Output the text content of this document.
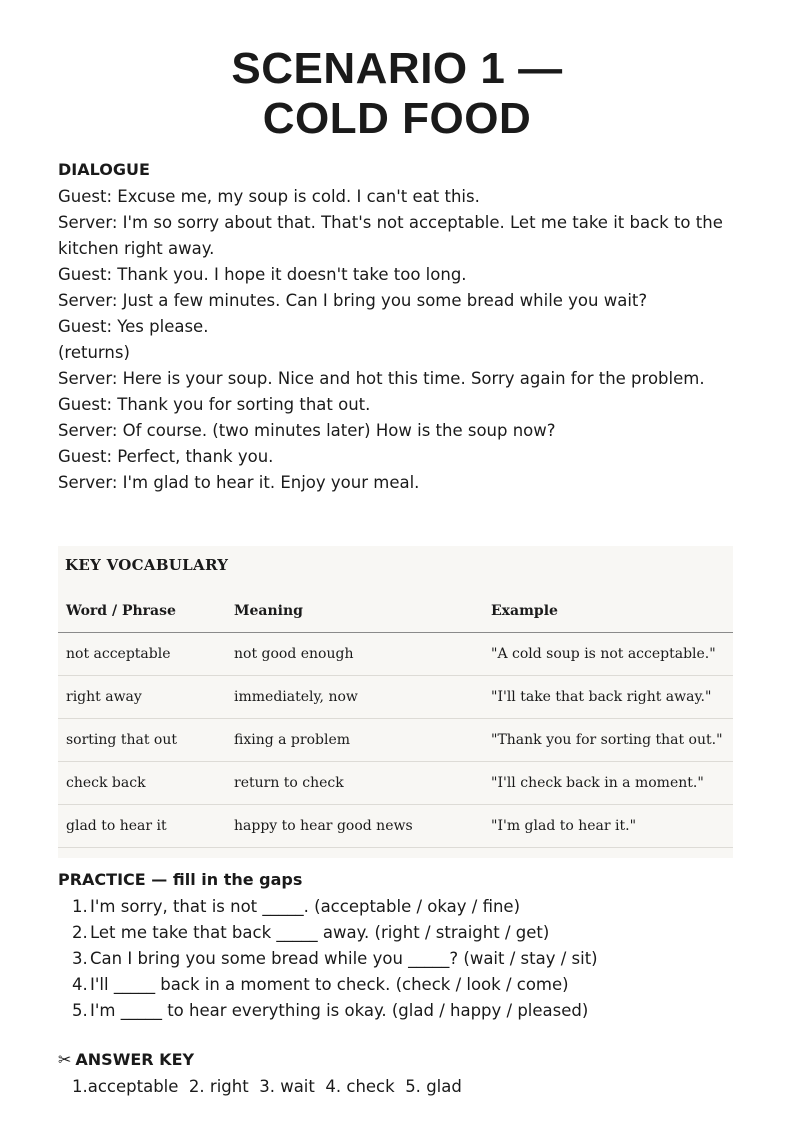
SCENARIO 1 —
COLD FOOD
DIALOGUE
Guest: Excuse me, my soup is cold. I can't eat this.
Server: I'm so sorry about that. That's not acceptable. Let me take it back to the kitchen right away.
Guest: Thank you. I hope it doesn't take too long.
Server: Just a few minutes. Can I bring you some bread while you wait?
Guest: Yes please.
(returns)
Server: Here is your soup. Nice and hot this time. Sorry again for the problem.
Guest: Thank you for sorting that out.
Server: Of course. (two minutes later) How is the soup now?
Guest: Perfect, thank you.
Server: I'm glad to hear it. Enjoy your meal.
KEY VOCABULARY
Word / Phrase	Meaning	Example
not acceptable	not good enough	"A cold soup is not acceptable."
right away	immediately, now	"I'll take that back right away."
sorting that out	fixing a problem	"Thank you for sorting that out."
check back	return to check	"I'll check back in a moment."
glad to hear it	happy to hear good news	"I'm glad to hear it."
PRACTICE — fill in the gaps
1. I'm sorry, that is not _____. (acceptable / okay / fine)
2. Let me take that back _____ away. (right / straight / get)
3. Can I bring you some bread while you _____? (wait / stay / sit)
4. I'll _____ back in a moment to check. (check / look / come)
5. I'm _____ to hear everything is okay. (glad / happy / pleased)
✂ ANSWER KEY
1.acceptable 2. right 3. wait 4. check 5. glad
